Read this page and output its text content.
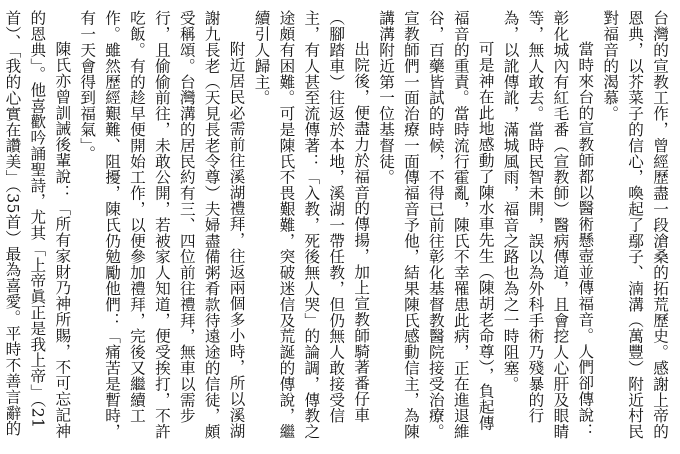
台灣的宣教工作，曾經歷盡一段滄桑的拓荒歷史。感謝上帝的恩典，以芥菜子的信心，喚起了鄢子、湳溝（萬豐）附近村民對福音的渴慕。

當時來台的宣教師都以醫術懸壺並傳福音。人們卻傳說：彰化城內有紅毛番（宣教師）醫病傳道，且會挖人心肝及眼睛等，無人敢去。當時民智未開，誤以為外科手術乃殘暴的行為，以訛傳訛，滿城風雨，福音之路也為之一時阻塞。

可是神在此地感動了陳水車先生（陳胡老命尊），負起傳福音的重責。當時流行霍亂，陳氏不幸罹患此病，正在進退維谷，百藥皆試的時候，不得已前往彰化基督教醫院接受治療。宣教師們一面治療一面傳福音予他，結果陳氏感動信主，為陳講溝附近第一位基督徒。

出院後，便盡力於福音的傳揚，加上宣教師騎著番仔車（腳踏車）往返於本地，溪湖一帶任教，但仍無人敢接受信主，有人甚至流傳著：「入教，死後無人哭」的論調，傳教之途頗有困難。可是陳氏不畏艱難，突破迷信及荒誕的傳說，繼續引人歸主。

附近居民必需前往溪湖禮拜，往返兩個多小時，所以溪湖謝九長老（天見長老令尊）夫婦盡備粥肴款待遠途的信徒，頗受稱頌。台灣溝的居民約有三、四位前往禮拜，無車以需步行，且偷偷前往，未敢公開，若被家人知道，便受挨打，不許吃飯。有的趁早便開始工作，以便參加禮拜，完後又繼續工作。雖然歷經艱難、阻擾，陳氏仍勉勵他們：「痛苦是暫時，有一天會得到福氣」。

陳氏亦曾訓誡後輩說：「所有家財乃神所賜，不可忘記神的恩典」。他喜歡吟誦聖詩，尤其「上帝眞正是我上帝」（21首）、「我的心實在讚美」（35首）最為喜愛。平時不善言辭的
